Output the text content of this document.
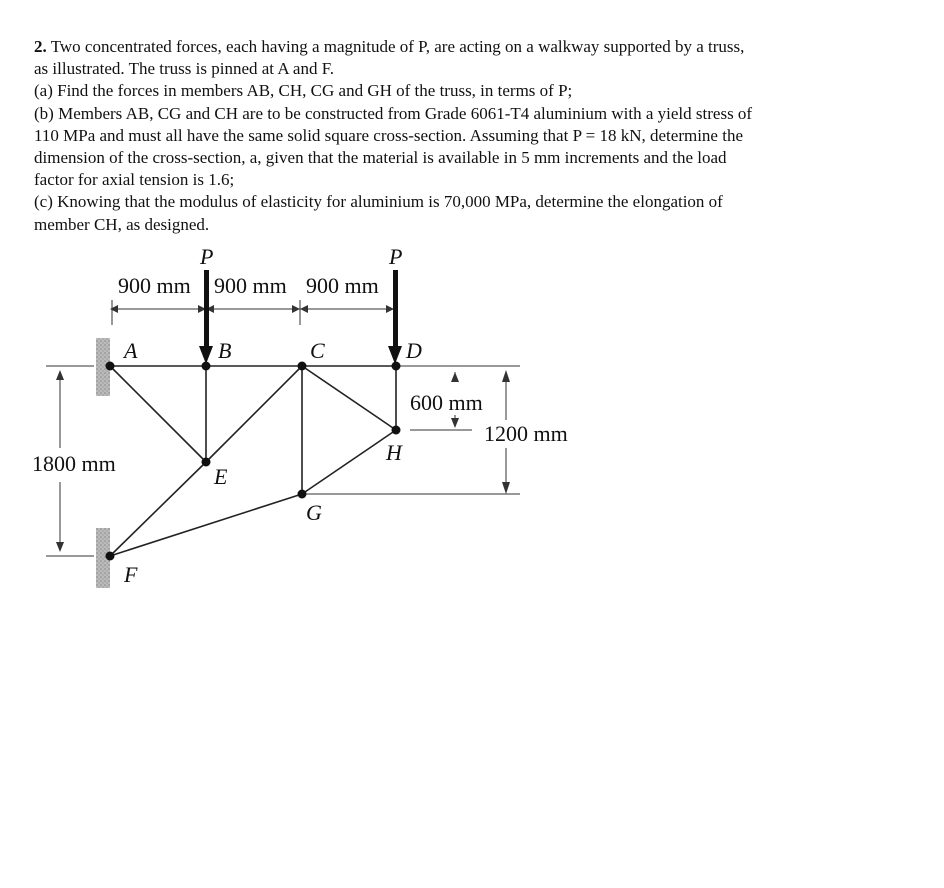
2. Two concentrated forces, each having a magnitude of P, are acting on a walkway supported by a truss,

as illustrated. The truss is pinned at A and F.

(a) Find the forces in members AB, CH, CG and GH of the truss, in terms of P;

(b) Members AB, CG and CH are to be constructed from Grade 6061-T4 aluminium with a yield stress of

110 MPa and must all have the same solid square cross-section. Assuming that P = 18 kN, determine the

dimension of the cross-section, a, given that the material is available in 5 mm increments and the load

factor for axial tension is 1.6;

(c) Knowing that the modulus of elasticity for aluminium is 70,000 MPa, determine the elongation of

member CH, as designed.

P	P
900 mm 900 mm 900 mm
600 mm
1200 mm
1800 mm
A	B	C	D
E
H
G
F
